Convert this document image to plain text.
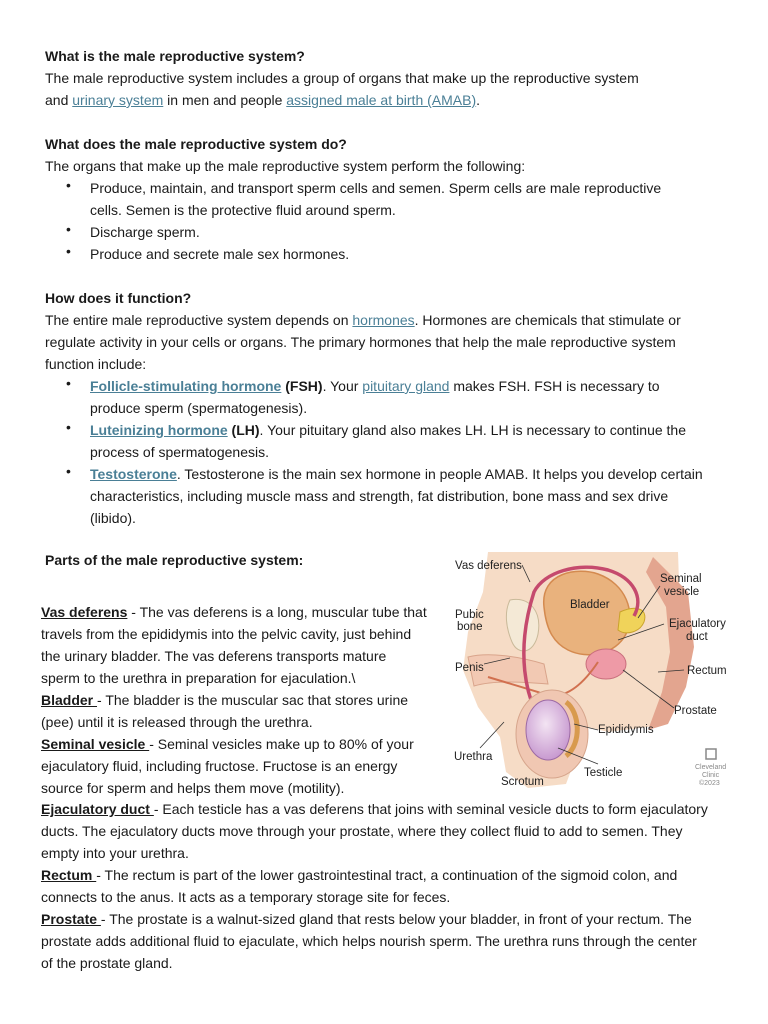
What is the male reproductive system?

The male reproductive system includes a group of organs that make up the reproductive system

and urinary system in men and people assigned male at birth (AMAB).

What does the male reproductive system do?

The organs that make up the male reproductive system perform the following:

• Produce, maintain, and transport sperm cells and semen. Sperm cells are male reproductive

cells. Semen is the protective fluid around sperm.

• Discharge sperm.

• Produce and secrete male sex hormones.

How does it function?

The entire male reproductive system depends on hormones. Hormones are chemicals that stimulate or

regulate activity in your cells or organs. The primary hormones that help the male reproductive system

function include:

• Follicle-stimulating hormone (FSH). Your pituitary gland makes FSH. FSH is necessary to

produce sperm (spermatogenesis).

• Luteinizing hormone (LH). Your pituitary gland also makes LH. LH is necessary to continue the

process of spermatogenesis.

• Testosterone. Testosterone is the main sex hormone in people AMAB. It helps you develop certain

characteristics, including muscle mass and strength, fat distribution, bone mass and sex drive

(libido).

Parts of the male reproductive system:

Vas deferens - The vas deferens is a long, muscular tube that

travels from the epididymis into the pelvic cavity, just behind

the urinary bladder. The vas deferens transports mature

sperm to the urethra in preparation for ejaculation.\

Bladder - The bladder is the muscular sac that stores urine

(pee) until it is released through the urethra.

Seminal vesicle - Seminal vesicles make up to 80% of your

ejaculatory fluid, including fructose. Fructose is an energy

source for sperm and helps them move (motility).

Ejaculatory duct - Each testicle has a vas deferens that joins with seminal vesicle ducts to form ejaculatory

ducts. The ejaculatory ducts move through your prostate, where they collect fluid to add to semen. They

empty into your urethra.

Rectum - The rectum is part of the lower gastrointestinal tract, a continuation of the sigmoid colon, and

connects to the anus. It acts as a temporary storage site for feces.

Prostate - The prostate is a walnut-sized gland that rests below your bladder, in front of your rectum. The

prostate adds additional fluid to ejaculate, which helps nourish sperm. The urethra runs through the center

of the prostate gland.

Vas deferens
Seminal
vesicle
Bladder
Pubic
bone	Ejaculatory
duct
Penis	Rectum
Prostate
Epididymis
Urethra
Testicle
Scrotum
Cleveland
Clinic
©2023
